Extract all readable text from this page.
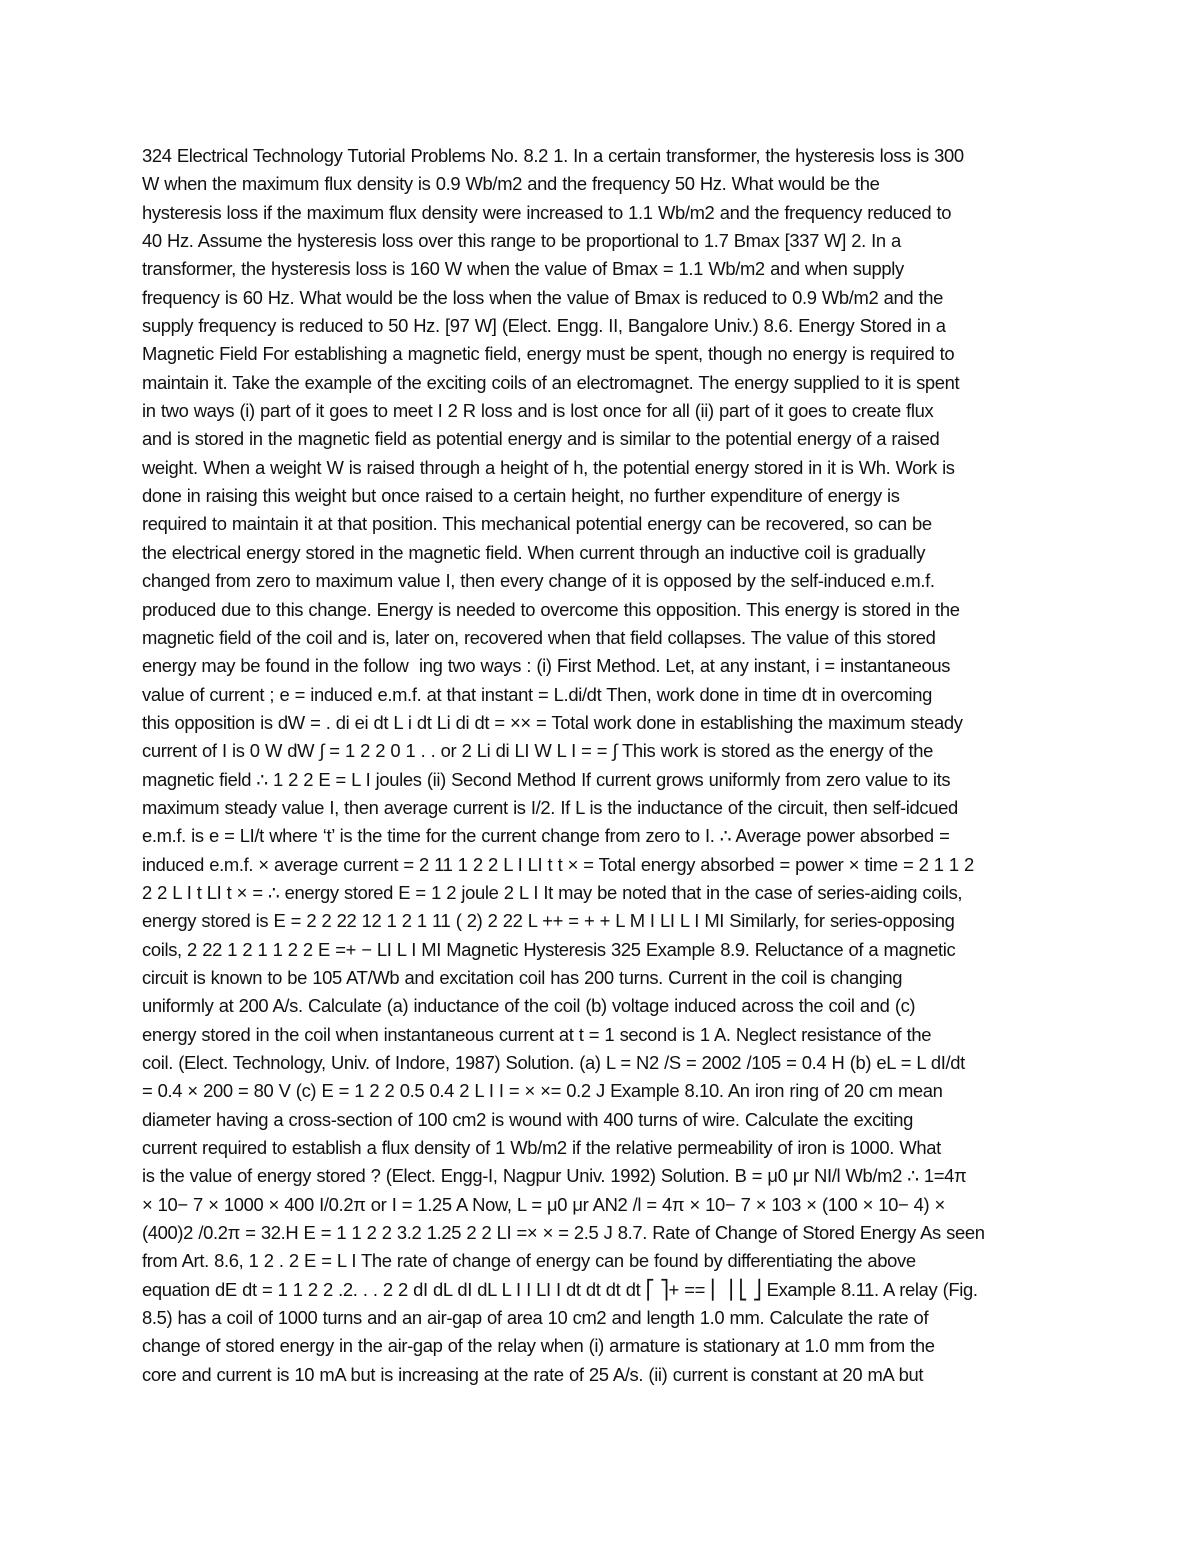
324 Electrical Technology Tutorial Problems No. 8.2 1. In a certain transformer, the hysteresis loss is 300
W when the maximum flux density is 0.9 Wb/m2 and the frequency 50 Hz. What would be the
hysteresis loss if the maximum flux density were increased to 1.1 Wb/m2 and the frequency reduced to
40 Hz. Assume the hysteresis loss over this range to be proportional to 1.7 Bmax [337 W] 2. In a
transformer, the hysteresis loss is 160 W when the value of Bmax = 1.1 Wb/m2 and when supply
frequency is 60 Hz. What would be the loss when the value of Bmax is reduced to 0.9 Wb/m2 and the
supply frequency is reduced to 50 Hz. [97 W] (Elect. Engg. II, Bangalore Univ.) 8.6. Energy Stored in a
Magnetic Field For establishing a magnetic field, energy must be spent, though no energy is required to
maintain it. Take the example of the exciting coils of an electromagnet. The energy supplied to it is spent
in two ways (i) part of it goes to meet I 2 R loss and is lost once for all (ii) part of it goes to create flux
and is stored in the magnetic field as potential energy and is similar to the potential energy of a raised
weight. When a weight W is raised through a height of h, the potential energy stored in it is Wh. Work is
done in raising this weight but once raised to a certain height, no further expenditure of energy is
required to maintain it at that position. This mechanical potential energy can be recovered, so can be
the electrical energy stored in the magnetic field. When current through an inductive coil is gradually
changed from zero to maximum value I, then every change of it is opposed by the self-induced e.m.f.
produced due to this change. Energy is needed to overcome this opposition. This energy is stored in the
magnetic field of the coil and is, later on, recovered when that field collapses. The value of this stored
energy may be found in the follow  ing two ways : (i) First Method. Let, at any instant, i = instantaneous
value of current ; e = induced e.m.f. at that instant = L.di/dt Then, work done in time dt in overcoming
this opposition is dW = . di ei dt L i dt Li di dt = ×× = Total work done in establishing the maximum steady
current of I is 0 W dW ∫ = 1 2 2 0 1 . . or 2 Li di LI W L I = = ∫ This work is stored as the energy of the
magnetic field ∴ 1 2 2 E = L I joules (ii) Second Method If current grows uniformly from zero value to its
maximum steady value I, then average current is I/2. If L is the inductance of the circuit, then self-idcued
e.m.f. is e = LI/t where ‘t’ is the time for the current change from zero to I. ∴ Average power absorbed =
induced e.m.f. × average current = 2 11 1 2 2 L I LI t t × = Total energy absorbed = power × time = 2 1 1 2
2 2 L I t LI t × = ∴ energy stored E = 1 2 joule 2 L I It may be noted that in the case of series-aiding coils,
energy stored is E = 2 2 22 12 1 2 1 11 ( 2) 2 22 L ++ = + + L M I LI L I MI Similarly, for series-opposing
coils, 2 22 1 2 1 1 2 2 E =+ − LI L I MI Magnetic Hysteresis 325 Example 8.9. Reluctance of a magnetic
circuit is known to be 105 AT/Wb and excitation coil has 200 turns. Current in the coil is changing
uniformly at 200 A/s. Calculate (a) inductance of the coil (b) voltage induced across the coil and (c)
energy stored in the coil when instantaneous current at t = 1 second is 1 A. Neglect resistance of the
coil. (Elect. Technology, Univ. of Indore, 1987) Solution. (a) L = N2 /S = 2002 /105 = 0.4 H (b) eL = L dI/dt
= 0.4 × 200 = 80 V (c) E = 1 2 2 0.5 0.4 2 L I I = × ×= 0.2 J Example 8.10. An iron ring of 20 cm mean
diameter having a cross-section of 100 cm2 is wound with 400 turns of wire. Calculate the exciting
current required to establish a flux density of 1 Wb/m2 if the relative permeability of iron is 1000. What
is the value of energy stored ? (Elect. Engg-I, Nagpur Univ. 1992) Solution. B = μ0 μr NI/l Wb/m2 ∴ 1=4π
× 10− 7 × 1000 × 400 I/0.2π or I = 1.25 A Now, L = μ0 μr AN2 /l = 4π × 10− 7 × 103 × (100 × 10− 4) ×
(400)2 /0.2π = 32.H E = 1 1 2 2 3.2 1.25 2 2 LI =× × = 2.5 J 8.7. Rate of Change of Stored Energy As seen
from Art. 8.6, 1 2 . 2 E = L I The rate of change of energy can be found by differentiating the above
equation dE dt = 1 1 2 2 .2. . . 2 2 dI dL dI dL L I I LI I dt dt dt dt ⎡ ⎤+ == ⎢ ⎥ ⎣ ⎦ Example 8.11. A relay (Fig.
8.5) has a coil of 1000 turns and an air-gap of area 10 cm2 and length 1.0 mm. Calculate the rate of
change of stored energy in the air-gap of the relay when (i) armature is stationary at 1.0 mm from the
core and current is 10 mA but is increasing at the rate of 25 A/s. (ii) current is constant at 20 mA but
